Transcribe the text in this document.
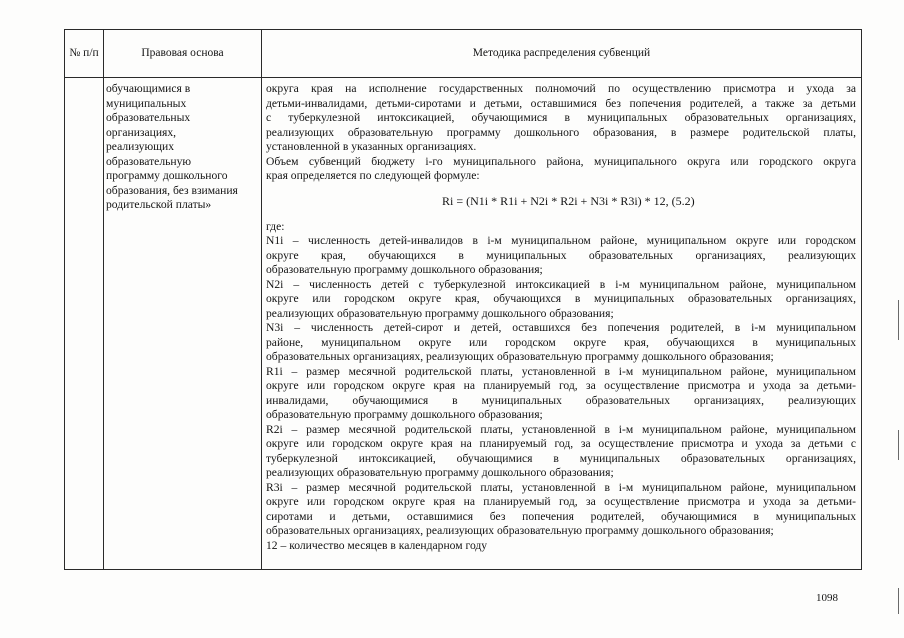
№ п/п	Правовая основа	Методика распределения субвенций
обучающимися в
муниципальных
образовательных
организациях,
реализующих
образовательную
программу дошкольного
образования, без взимания
родительской платы»
округа края на исполнение государственных полномочий по осуществлению присмотра и ухода за
детьми-инвалидами, детьми-сиротами и детьми, оставшимися без попечения родителей, а также за детьми
с туберкулезной интоксикацией, обучающимися в муниципальных образовательных организациях,
реализующих образовательную программу дошкольного образования, в размере родительской платы,
установленной в указанных организациях.
Объем субвенций бюджету i-го муниципального района, муниципального округа или городского округа
края определяется по следующей формуле:
Ri = (N1i * R1i + N2i * R2i + N3i * R3i) * 12, (5.2)
где:
N1i – численность детей-инвалидов в i-м муниципальном районе, муниципальном округе или городском
округе края, обучающихся в муниципальных образовательных организациях, реализующих
образовательную программу дошкольного образования;
N2i – численность детей с туберкулезной интоксикацией в i-м муниципальном районе, муниципальном
округе или городском округе края, обучающихся в муниципальных образовательных организациях,
реализующих образовательную программу дошкольного образования;
N3i – численность детей-сирот и детей, оставшихся без попечения родителей, в i-м муниципальном
районе, муниципальном округе или городском округе края, обучающихся в муниципальных
образовательных организациях, реализующих образовательную программу дошкольного образования;
R1i – размер месячной родительской платы, установленной в i-м муниципальном районе, муниципальном
округе или городском округе края на планируемый год, за осуществление присмотра и ухода за детьми-
инвалидами, обучающимися в муниципальных образовательных организациях, реализующих
образовательную программу дошкольного образования;
R2i – размер месячной родительской платы, установленной в i-м муниципальном районе, муниципальном
округе или городском округе края на планируемый год, за осуществление присмотра и ухода за детьми с
туберкулезной интоксикацией, обучающимися в муниципальных образовательных организациях,
реализующих образовательную программу дошкольного образования;
R3i – размер месячной родительской платы, установленной в i-м муниципальном районе, муниципальном
округе или городском округе края на планируемый год, за осуществление присмотра и ухода за детьми-
сиротами и детьми, оставшимися без попечения родителей, обучающимися в муниципальных
образовательных организациях, реализующих образовательную программу дошкольного образования;
12 – количество месяцев в календарном году
1098
